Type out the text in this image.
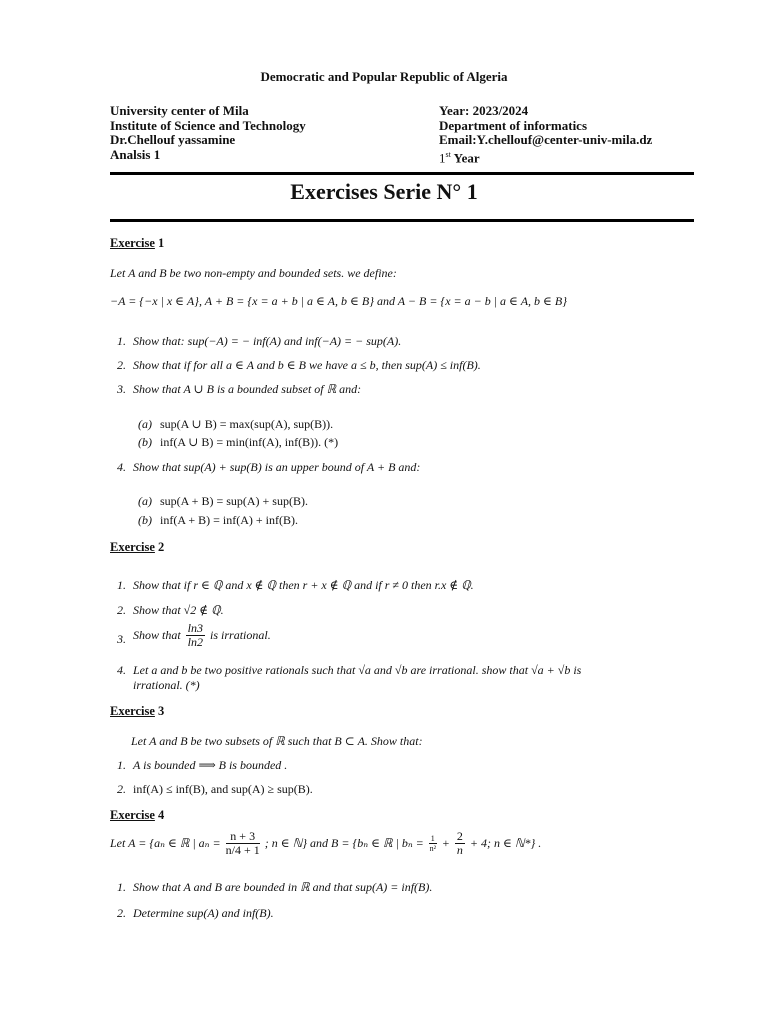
Democratic and Popular Republic of Algeria
University center of Mila
Institute of Science and Technology
Dr.Chellouf yassamine
Analsis 1
Year: 2023/2024
Department of informatics
Email:Y.chellouf@center-univ-mila.dz
1st Year
Exercises Serie N° 1
Exercise 1
Let A and B be two non-empty and bounded sets. we define:
−A = {−x | x ∈ A}, A + B = {x = a + b | a ∈ A, b ∈ B} and A − B = {x = a − b | a ∈ A, b ∈ B}
1. Show that: sup(−A) = − inf(A) and inf(−A) = − sup(A).
2. Show that if for all a ∈ A and b ∈ B we have a ≤ b, then sup(A) ≤ inf(B).
3. Show that A ∪ B is a bounded subset of ℝ and:
(a) sup(A ∪ B) = max(sup(A), sup(B)).
(b) inf(A ∪ B) = min(inf(A), inf(B)). (*)
4. Show that sup(A) + sup(B) is an upper bound of A + B and:
(a) sup(A + B) = sup(A) + sup(B).
(b) inf(A + B) = inf(A) + inf(B).
Exercise 2
1. Show that if r ∈ ℚ and x ∉ ℚ then r + x ∉ ℚ and if r ≠ 0 then r.x ∉ ℚ.
2. Show that √2 ∉ ℚ.
3. Show that $\frac{\ln 3}{\ln 2}$ is irrational.
4. Let a and b be two positive rationals such that √a and √b are irrational. show that √a + √b is
irrational. (*)
Exercise 3
Let A and B be two subsets of ℝ such that B ⊂ A. Show that:
1. A is bounded ⟹ B is bounded .
2. inf(A) ≤ inf(B), and sup(A) ≥ sup(B).
Exercise 4
Let A = {aₙ ∈ ℝ | $a_n = \frac{n + 3}{n/4 + 1}$ ; n ∈ ℕ} and B = {bₙ ∈ ℝ | $b_n = \frac{1}{\text{n²}} + \frac{2}{n} + 4$; n ∈ ℕ*} .
1. Show that A and B are bounded in ℝ and that sup(A) = inf(B).
2. Determine sup(A) and inf(B).
